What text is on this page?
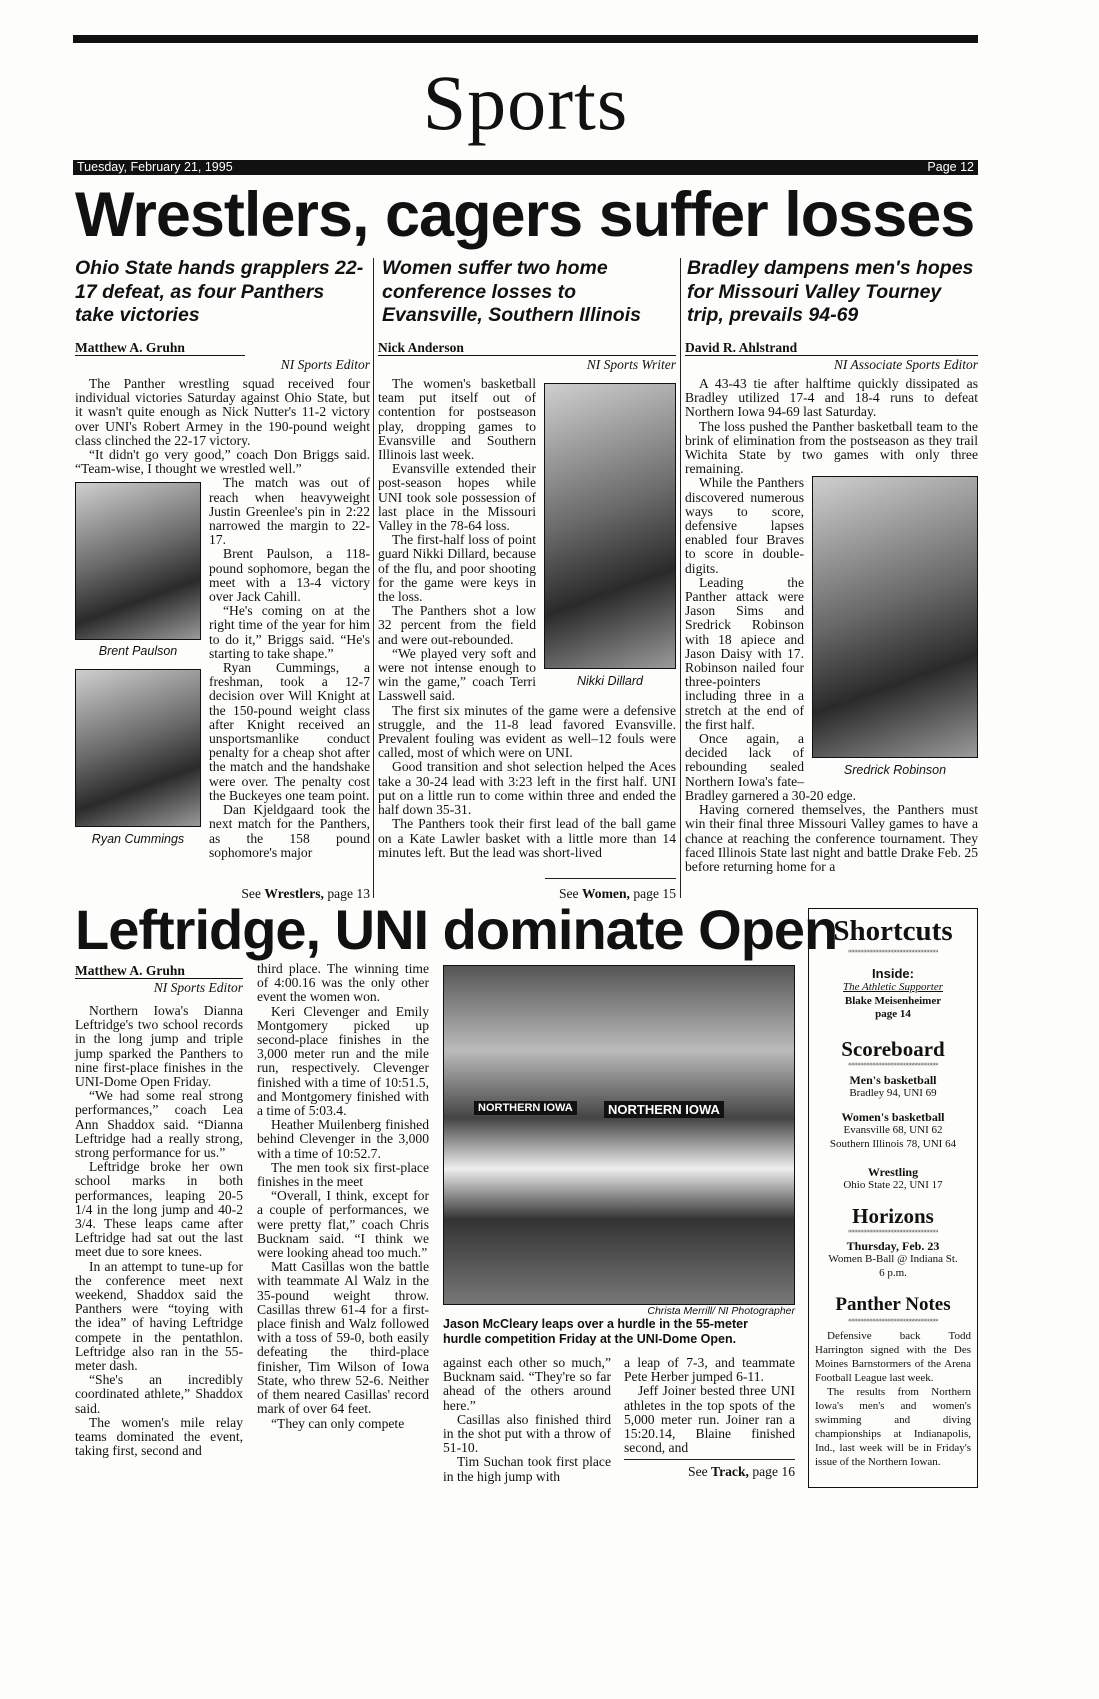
Sports
Tuesday, February 21, 1995	Page 12
Wrestlers, cagers suffer losses
Ohio State hands grapplers 22-17 defeat, as four Panthers take victories
Matthew A. Gruhn
NI Sports Editor

The Panther wrestling squad received four individual victories Saturday against Ohio State, but it wasn't quite enough as Nick Nutter's 11-2 victory over UNI's Robert Armey in the 190-pound weight class clinched the 22-17 victory.

“It didn't go very good,” coach Don Briggs said. “Team-wise, I thought we wrestled well.”

Brent Paulson
Ryan Cummings

The match was out of reach when heavyweight Justin Greenlee's pin in 2:22 narrowed the margin to 22-17.

Brent Paulson, a 118-pound sophomore, began the meet with a 13-4 victory over Jack Cahill.

“He's coming on at the right time of the year for him to do it,” Briggs said. “He's starting to take shape.”

Ryan Cummings, a freshman, took a 12-7 decision over Will Knight at the 150-pound weight class after Knight received an unsportsmanlike conduct penalty for a cheap shot after the match and the handshake were over. The penalty cost the Buckeyes one team point.

Dan Kjeldgaard took the next match for the Panthers, as the 158 pound sophomore's major

See Wrestlers, page 13
Women suffer two home conference losses to Evansville, Southern Illinois
Nick Anderson
NI Sports Writer
Nikki Dillard

The women's basketball team put itself out of contention for postseason play, dropping games to Evansville and Southern Illinois last week.

Evansville extended their post-season hopes while UNI took sole possession of last place in the Missouri Valley in the 78-64 loss.

The first-half loss of point guard Nikki Dillard, because of the flu, and poor shooting for the game were keys in the loss.

The Panthers shot a low 32 percent from the field and were out-rebounded.

“We played very soft and were not intense enough to win the game,” coach Terri Lasswell said.

The first six minutes of the game were a defensive struggle, and the 11-8 lead favored Evansville. Prevalent fouling was evident as well–12 fouls were called, most of which were on UNI.

Good transition and shot selection helped the Aces take a 30-24 lead with 3:23 left in the first half. UNI put on a little run to come within three and ended the half down 35-31.

The Panthers took their first lead of the ball game on a Kate Lawler basket with a little more than 14 minutes left. But the lead was short-lived

See Women, page 15
Bradley dampens men's hopes for Missouri Valley Tourney trip, prevails 94-69
David R. Ahlstrand
NI Associate Sports Editor

A 43-43 tie after halftime quickly dissipated as Bradley utilized 17-4 and 18-4 runs to defeat Northern Iowa 94-69 last Saturday.

The loss pushed the Panther basketball team to the brink of elimination from the postseason as they trail Wichita State by two games with only three remaining.

Sredrick Robinson

While the Panthers discovered numerous ways to score, defensive lapses enabled four Braves to score in double-digits.

Leading the Panther attack were Jason Sims and Sredrick Robinson with 18 apiece and Jason Daisy with 17. Robinson nailed four three-pointers including three in a stretch at the end of the first half.

Once again, a decided lack of rebounding sealed Northern Iowa's fate–Bradley garnered a 30-20 edge.

Having cornered themselves, the Panthers must win their final three Missouri Valley games to have a chance at reaching the conference tournament. They faced Illinois State last night and battle Drake Feb. 25 before returning home for a

Leftridge, UNI dominate Open
Matthew A. Gruhn
NI Sports Editor

Northern Iowa's Dianna Leftridge's two school records in the long jump and triple jump sparked the Panthers to nine first-place finishes in the UNI-Dome Open Friday.

“We had some real strong performances,” coach Lea Ann Shaddox said. “Dianna Leftridge had a really strong, strong performance for us.”

Leftridge broke her own school marks in both performances, leaping 20-5 1/4 in the long jump and 40-2 3/4. These leaps came after Leftridge had sat out the last meet due to sore knees.

In an attempt to tune-up for the conference meet next weekend, Shaddox said the Panthers were “toying with the idea” of having Leftridge compete in the pentathlon. Leftridge also ran in the 55-meter dash.

“She's an incredibly coordinated athlete,” Shaddox said.

The women's mile relay teams dominated the event, taking first, second and

third place. The winning time of 4:00.16 was the only other event the women won.

Keri Clevenger and Emily Montgomery picked up second-place finishes in the 3,000 meter run and the mile run, respectively. Clevenger finished with a time of 10:51.5, and Montgomery finished with a time of 5:03.4.

Heather Muilenberg finished behind Clevenger in the 3,000 with a time of 10:52.7.

The men took six first-place finishes in the meet

“Overall, I think, except for a couple of performances, we were pretty flat,” coach Chris Bucknam said. “I think we were looking ahead too much.”

Matt Casillas won the battle with teammate Al Walz in the 35-pound weight throw. Casillas threw 61-4 for a first-place finish and Walz followed with a toss of 59-0, both easily defeating the third-place finisher, Tim Wilson of Iowa State, who threw 52-6. Neither of them neared Casillas' record mark of over 64 feet.

“They can only compete

NORTHERN IOWA	NORTHERN IOWA
Christa Merrill/ NI Photographer
Jason McCleary leaps over a hurdle in the 55-meter hurdle competition Friday at the UNI-Dome Open.

against each other so much,” Bucknam said. “They're so far ahead of the others around here.”

Casillas also finished third in the shot put with a throw of 51-10.

Tim Suchan took first place in the high jump with

a leap of 7-3, and teammate Pete Herber jumped 6-11.

Jeff Joiner bested three UNI athletes in the top spots of the 5,000 meter run. Joiner ran a 15:20.14, Blaine finished second, and

See Track, page 16
Shortcuts
«««««««««««««««»»»»»»»»»»»»»»»
Inside:
The Athletic Supporter
Blake Meisenheimer
page 14
Scoreboard
«««««««««««««««»»»»»»»»»»»»»»»
Men's basketball
Bradley 94, UNI 69
Women's basketball
Evansville 68, UNI 62
Southern Illinois 78, UNI 64
Wrestling
Ohio State 22, UNI 17
Horizons
«««««««««««««««»»»»»»»»»»»»»»»
Thursday, Feb. 23
Women B-Ball @ Indiana St.
6 p.m.
Panther Notes
«««««««««««««««»»»»»»»»»»»»»»»

Defensive back Todd Harrington signed with the Des Moines Barnstormers of the Arena Football League last week.

The results from Northern Iowa's men's and women's swimming and diving championships at Indianapolis, Ind., last week will be in Friday's issue of the Northern Iowan.
